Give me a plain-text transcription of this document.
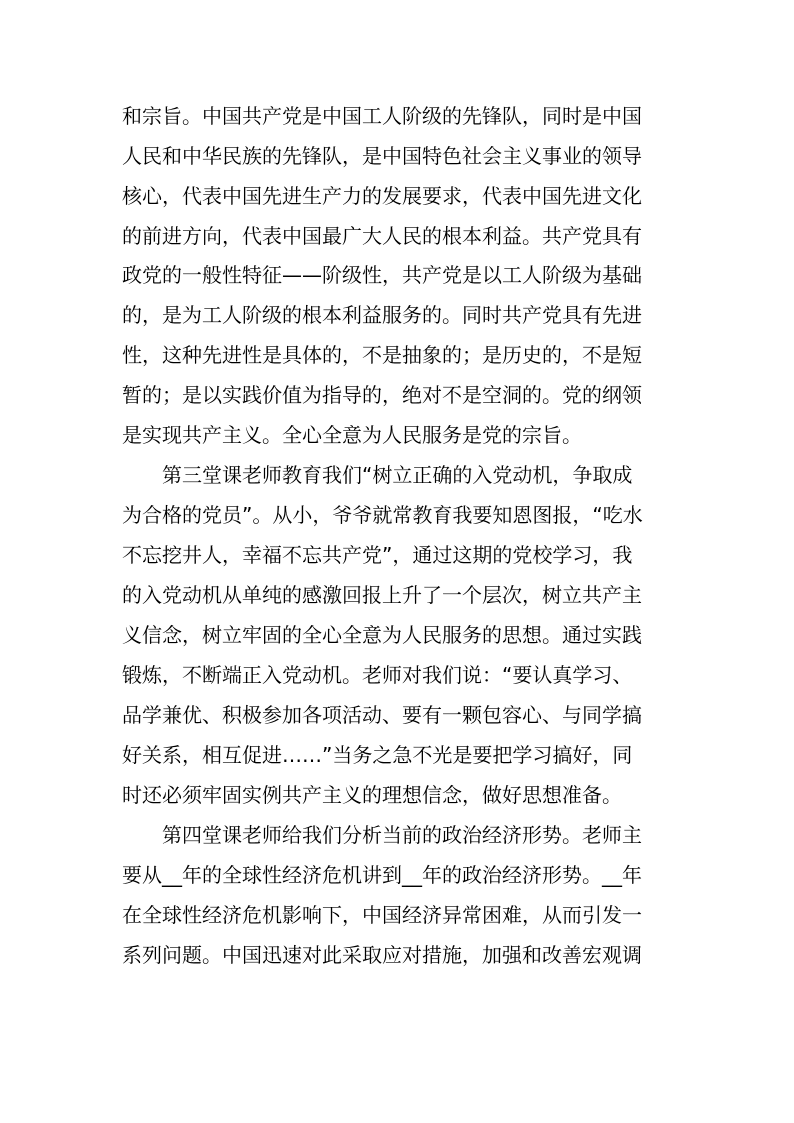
和宗旨。中国共产党是中国工人阶级的先锋队，同时是中国
人民和中华民族的先锋队，是中国特色社会主义事业的领导
核心，代表中国先进生产力的发展要求，代表中国先进文化
的前进方向，代表中国最广大人民的根本利益。共产党具有
政党的一般性特征——阶级性，共产党是以工人阶级为基础
的，是为工人阶级的根本利益服务的。同时共产党具有先进
性，这种先进性是具体的，不是抽象的；是历史的，不是短
暂的；是以实践价值为指导的，绝对不是空洞的。党的纲领
是实现共产主义。全心全意为人民服务是党的宗旨。
第三堂课老师教育我们“树立正确的入党动机，争取成
为合格的党员”。从小，爷爷就常教育我要知恩图报，“吃水
不忘挖井人，幸福不忘共产党”，通过这期的党校学习，我
的入党动机从单纯的感激回报上升了一个层次，树立共产主
义信念，树立牢固的全心全意为人民服务的思想。通过实践
锻炼，不断端正入党动机。老师对我们说：“要认真学习、
品学兼优、积极参加各项活动、要有一颗包容心、与同学搞
好关系，相互促进……”当务之急不光是要把学习搞好，同
时还必须牢固实例共产主义的理想信念，做好思想准备。
第四堂课老师给我们分析当前的政治经济形势。老师主
要从__年的全球性经济危机讲到__年的政治经济形势。__年
在全球性经济危机影响下，中国经济异常困难，从而引发一
系列问题。中国迅速对此采取应对措施，加强和改善宏观调
